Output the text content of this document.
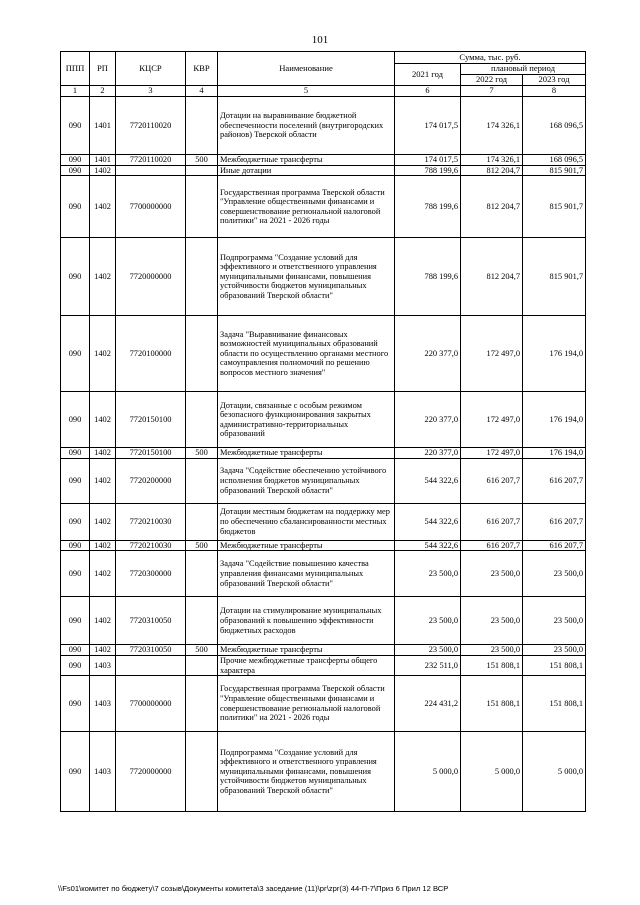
101
ППП	РП	КЦСР	КВР	Наименование	Сумма, тыс. руб.		
					2021 год	плановый период	
						2022 год	2023 год
1	2	3	4	5	6	7	8
090	1401	7720110020		Дотации на выравнивание бюджетной обеспеченности поселений (внутригородских районов) Тверской области	174 017,5	174 326,1	168 096,5
090	1401	7720110020	500	Межбюджетные трансферты	174 017,5	174 326,1	168 096,5
090	1402			Иные дотации	788 199,6	812 204,7	815 901,7
090	1402	7700000000		Государственная программа Тверской области "Управление общественными финансами и совершенствование региональной налоговой политики" на 2021 - 2026 годы	788 199,6	812 204,7	815 901,7
090	1402	7720000000		Подпрограмма "Создание условий для эффективного и ответственного управления муниципальными финансами, повышения устойчивости бюджетов муниципальных образований Тверской области"	788 199,6	812 204,7	815 901,7
090	1402	7720100000		Задача "Выравнивание финансовых возможностей муниципальных образований области по осуществлению органами местного самоуправления полномочий по решению вопросов местного значения"	220 377,0	172 497,0	176 194,0
090	1402	7720150100		Дотации, связанные с особым режимом безопасного функционирования закрытых административно-территориальных образований	220 377,0	172 497,0	176 194,0
090	1402	7720150100	500	Межбюджетные трансферты	220 377,0	172 497,0	176 194,0
090	1402	7720200000		Задача "Содействие обеспечению устойчивого исполнения бюджетов муниципальных образований Тверской области"	544 322,6	616 207,7	616 207,7
090	1402	7720210030		Дотации местным бюджетам на поддержку мер по обеспечению сбалансированности местных бюджетов	544 322,6	616 207,7	616 207,7
090	1402	7720210030	500	Межбюджетные трансферты	544 322,6	616 207,7	616 207,7
090	1402	7720300000		Задача "Содействие повышению качества управления финансами муниципальных образований Тверской области"	23 500,0	23 500,0	23 500,0
090	1402	7720310050		Дотации на стимулирование муниципальных образований к повышению эффективности бюджетных расходов	23 500,0	23 500,0	23 500,0
090	1402	7720310050	500	Межбюджетные трансферты	23 500,0	23 500,0	23 500,0
090	1403			Прочие межбюджетные трансферты общего характера	232 511,0	151 808,1	151 808,1
090	1403	7700000000		Государственная программа Тверской области "Управление общественными финансами и совершенствование региональной налоговой политики" на 2021 - 2026 годы	224 431,2	151 808,1	151 808,1
090	1403	7720000000		Подпрограмма "Создание условий для эффективного и ответственного управления муниципальными финансами, повышения устойчивости бюджетов муниципальных образований Тверской области"	5 000,0	5 000,0	5 000,0
\\Fs01\комитет по бюджету\7 созыв\Документы комитета\3 заседание (11)\рг\zpr(3) 44-П-7\Приз 6 Прил 12 ВСР
